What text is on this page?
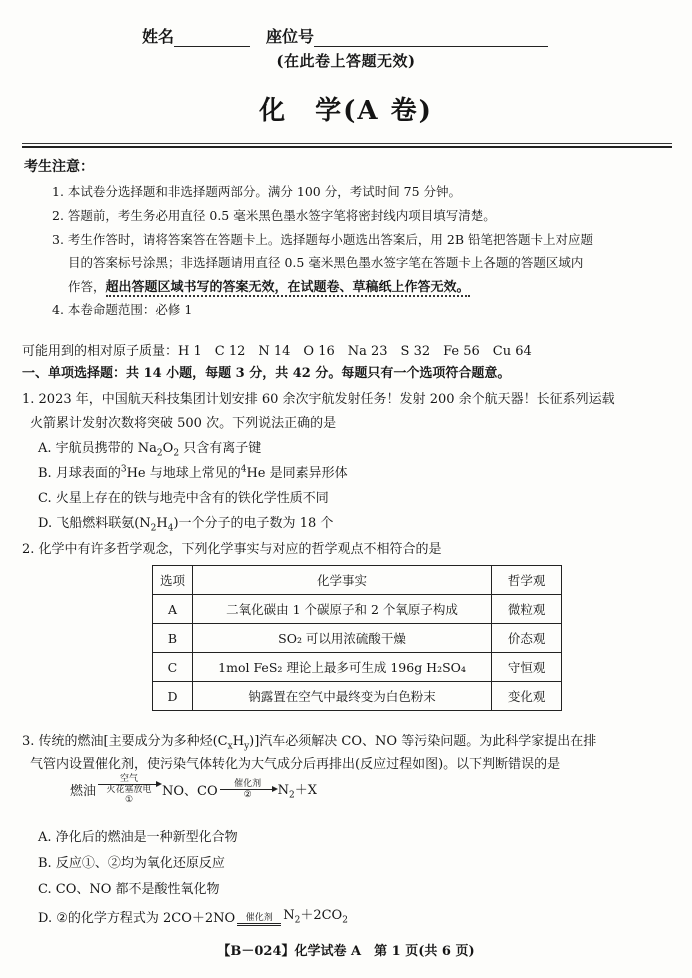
姓名	座位号
(在此卷上答题无效)
化　学(A 卷)
考生注意：
1. 本试卷分选择题和非选择题两部分。满分 100 分，考试时间 75 分钟。
2. 答题前，考生务必用直径 0.5 毫米黑色墨水签字笔将密封线内项目填写清楚。
3. 考生作答时，请将答案答在答题卡上。选择题每小题选出答案后，用 2B 铅笔把答题卡上对应题
目的答案标号涂黑；非选择题请用直径 0.5 毫米黑色墨水签字笔在答题卡上各题的答题区域内
作答，超出答题区域书写的答案无效，在试题卷、草稿纸上作答无效。
4. 本卷命题范围：必修 1
可能用到的相对原子质量：H 1　C 12　N 14　O 16　Na 23　S 32　Fe 56　Cu 64
一、单项选择题：共 14 小题，每题 3 分，共 42 分。每题只有一个选项符合题意。
1. 2023 年，中国航天科技集团计划安排 60 余次宇航发射任务！发射 200 余个航天器！长征系列运载
火箭累计发射次数将突破 500 次。下列说法正确的是
A. 宇航员携带的 $Na_2O_2$ 只含有离子键
B. 月球表面的$^3$He 与地球上常见的$^4$He 是同素异形体
C. 火星上存在的铁与地壳中含有的铁化学性质不同
D. 飞船燃料联氨$(N_2H_4)$一个分子的电子数为 18 个
2. 化学中有许多哲学观念，下列化学事实与对应的哲学观点不相符合的是
选项	化学事实	哲学观
A	二氧化碳由 1 个碳原子和 2 个氧原子构成	微粒观
B	SO₂ 可以用浓硫酸干燥	价态观
C	1mol FeS₂ 理论上最多可生成 196g H₂SO₄	守恒观
D	钠露置在空气中最终变为白色粉末	变化观
3. 传统的燃油[主要成分为多种烃$(C_xH_y)$]汽车必须解决 CO、NO 等污染问题。为此科学家提出在排
气管内设置催化剂，使污染气体转化为大气成分后再排出(反应过程如图)。以下判断错误的是
燃油
空气
火花塞放电
①
NO、CO 催化剂
② $N_2+X$
A. 净化后的燃油是一种新型化合物
B. 反应①、②均为氧化还原反应
C. CO、NO 都不是酸性氧化物
D. ②的化学方程式为 2CO＋2NO 催化剂 $N_2+2CO_2$
【B－024】化学试卷 A　第 1 页(共 6 页)
